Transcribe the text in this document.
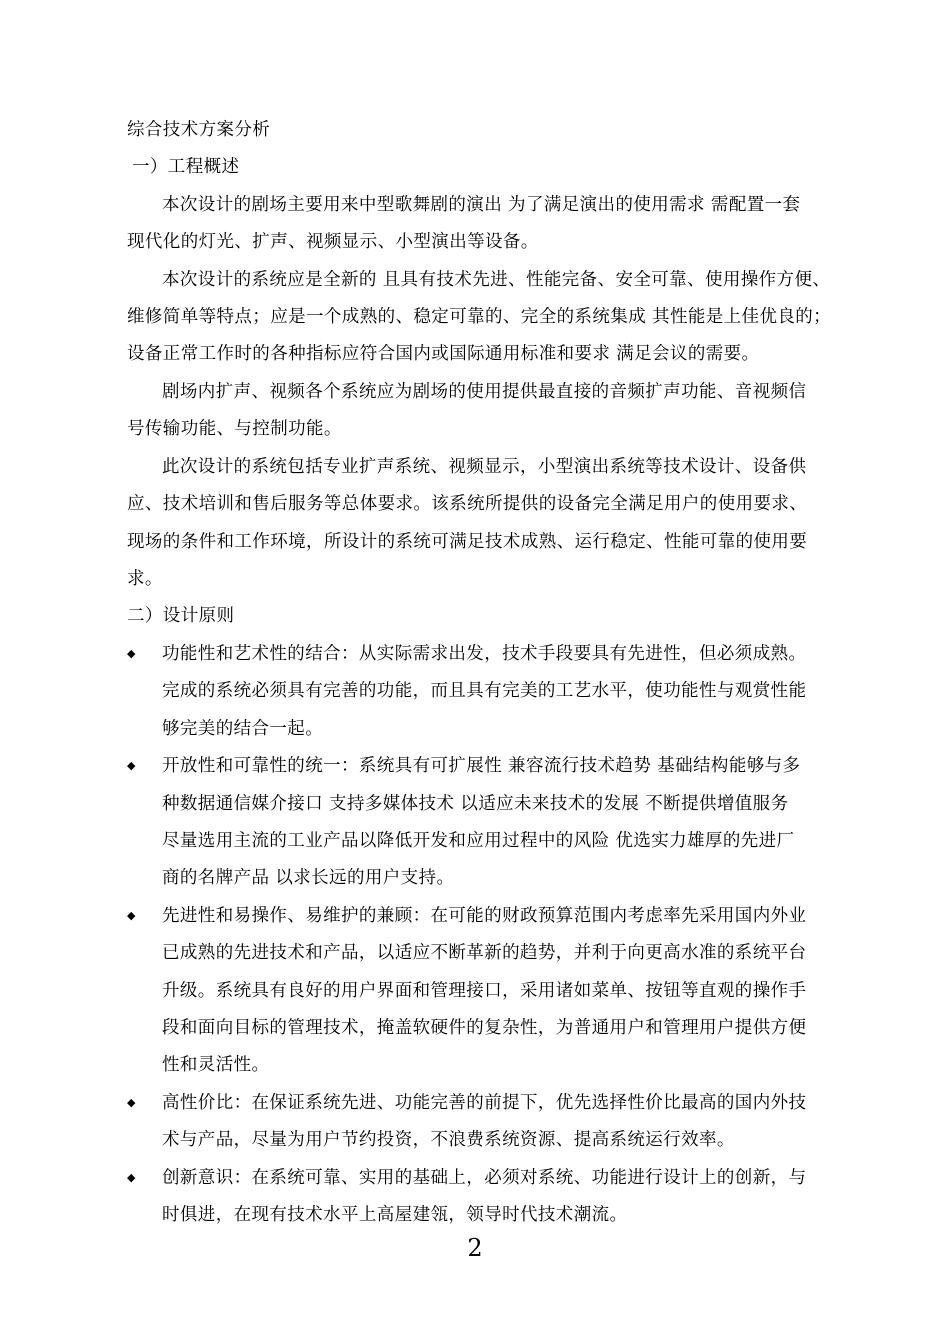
综合技术方案分析
一）工程概述
本次设计的剧场主要用来中型歌舞剧的演出 为了满足演出的使用需求 需配置一套
现代化的灯光、扩声、视频显示、小型演出等设备。
本次设计的系统应是全新的 且具有技术先进、性能完备、安全可靠、使用操作方便、
维修简单等特点；应是一个成熟的、稳定可靠的、完全的系统集成 其性能是上佳优良的；
设备正常工作时的各种指标应符合国内或国际通用标准和要求 满足会议的需要。
剧场内扩声、视频各个系统应为剧场的使用提供最直接的音频扩声功能、音视频信
号传输功能、与控制功能。
此次设计的系统包括专业扩声系统、视频显示，小型演出系统等技术设计、设备供
应、技术培训和售后服务等总体要求。该系统所提供的设备完全满足用户的使用要求、
现场的条件和工作环境，所设计的系统可满足技术成熟、运行稳定、性能可靠的使用要
求。
二）设计原则
◆ 功能性和艺术性的结合：从实际需求出发，技术手段要具有先进性，但必须成熟。
完成的系统必须具有完善的功能，而且具有完美的工艺水平，使功能性与观赏性能
够完美的结合一起。
◆ 开放性和可靠性的统一：系统具有可扩展性 兼容流行技术趋势 基础结构能够与多
种数据通信媒介接口 支持多媒体技术 以适应未来技术的发展 不断提供增值服务
尽量选用主流的工业产品以降低开发和应用过程中的风险 优选实力雄厚的先进厂
商的名牌产品 以求长远的用户支持。
◆ 先进性和易操作、易维护的兼顾：在可能的财政预算范围内考虑率先采用国内外业
已成熟的先进技术和产品，以适应不断革新的趋势，并利于向更高水准的系统平台
升级。系统具有良好的用户界面和管理接口，采用诸如菜单、按钮等直观的操作手
段和面向目标的管理技术，掩盖软硬件的复杂性，为普通用户和管理用户提供方便
性和灵活性。
◆ 高性价比：在保证系统先进、功能完善的前提下，优先选择性价比最高的国内外技
术与产品，尽量为用户节约投资，不浪费系统资源、提高系统运行效率。
◆ 创新意识：在系统可靠、实用的基础上，必须对系统、功能进行设计上的创新，与
时俱进，在现有技术水平上高屋建瓴，领导时代技术潮流。
2
